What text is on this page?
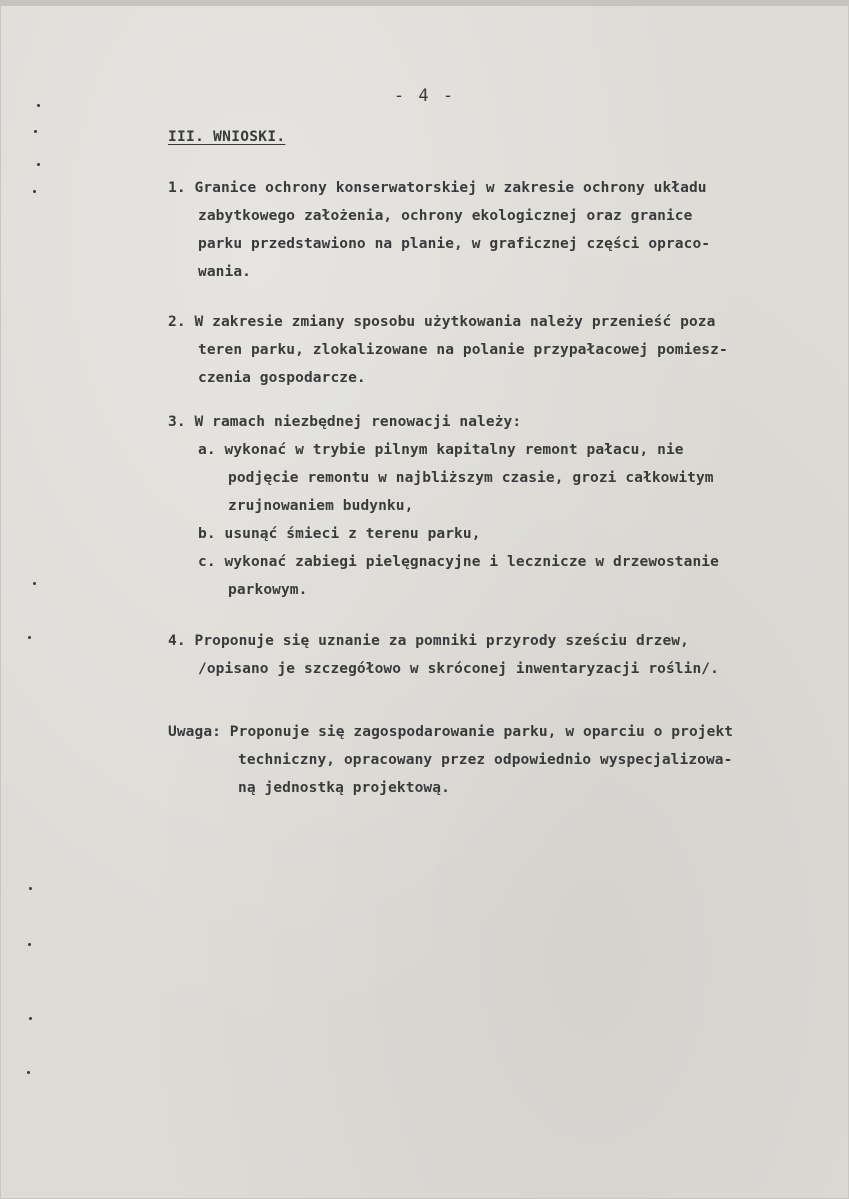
- 4 -
III. WNIOSKI.
1. Granice ochrony konserwatorskiej w zakresie ochrony układu
zabytkowego założenia, ochrony ekologicznej oraz granice
parku przedstawiono na planie, w graficznej części opraco-
wania.
2. W zakresie zmiany sposobu użytkowania należy przenieść poza
teren parku, zlokalizowane na polanie przypałacowej pomiesz-
czenia gospodarcze.
3. W ramach niezbędnej renowacji należy:
a. wykonać w trybie pilnym kapitalny remont pałacu, nie
podjęcie remontu w najbliższym czasie, grozi całkowitym
zrujnowaniem budynku,
b. usunąć śmieci z terenu parku,
c. wykonać zabiegi pielęgnacyjne i lecznicze w drzewostanie
parkowym.
4. Proponuje się uznanie za pomniki przyrody sześciu drzew,
/opisano je szczegółowo w skróconej inwentaryzacji roślin/.
Uwaga: Proponuje się zagospodarowanie parku, w oparciu o projekt
techniczny, opracowany przez odpowiednio wyspecjalizowa-
ną jednostką projektową.
